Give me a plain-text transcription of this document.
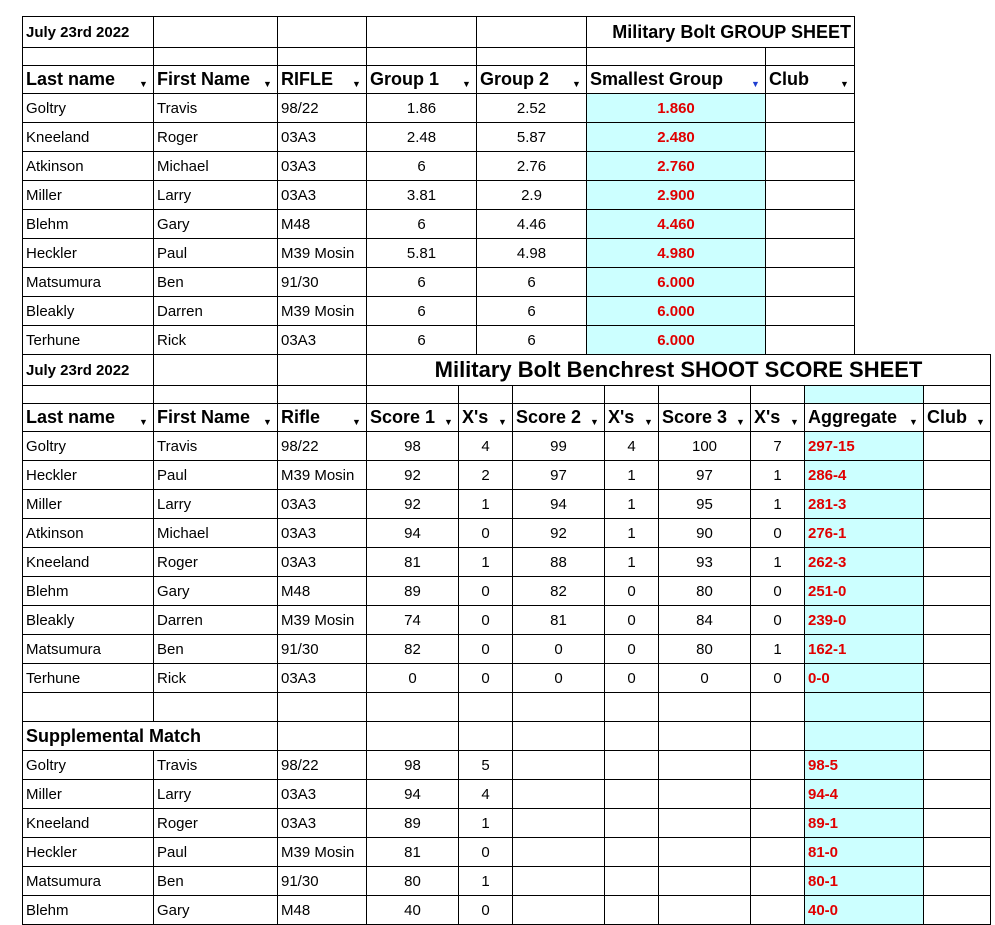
July 23rd 2022					Military Bolt GROUP SHEET	

Last name ▼	First Name ▼	RIFLE ▼	Group 1 ▼	Group 2 ▼	Smallest Group ▼	Club ▼

Goltry	Travis	98/22	1.86	2.52	1.860	
Kneeland	Roger	03A3	2.48	5.87	2.480	
Atkinson	Michael	03A3	6	2.76	2.760	
Miller	Larry	03A3	3.81	2.9	2.900	
Blehm	Gary	M48	6	4.46	4.460	
Heckler	Paul	M39 Mosin	5.81	4.98	4.980	
Matsumura	Ben	91/30	6	6	6.000	
Bleakly	Darren	M39 Mosin	6	6	6.000	
Terhune	Rick	03A3	6	6	6.000	
July 23rd 2022			Military Bolt Benchrest SHOOT SCORE SHEET							

Last name ▼	First Name ▼	Rifle ▼	Score 1 ▼	X's ▼	Score 2 ▼	X's ▼	Score 3 ▼	X's ▼	Aggregate ▼	Club ▼

Goltry	Travis	98/22	98	4	99	4	100	7	297-15	
Heckler	Paul	M39 Mosin	92	2	97	1	97	1	286-4	
Miller	Larry	03A3	92	1	94	1	95	1	281-3	
Atkinson	Michael	03A3	94	0	92	1	90	0	276-1	
Kneeland	Roger	03A3	81	1	88	1	93	1	262-3	
Blehm	Gary	M48	89	0	82	0	80	0	251-0	
Bleakly	Darren	M39 Mosin	74	0	81	0	84	0	239-0	
Matsumura	Ben	91/30	82	0	0	0	80	1	162-1	
Terhune	Rick	03A3	0	0	0	0	0	0	0-0	

Supplemental Match										
Goltry	Travis	98/22	98	5					98-5	
Miller	Larry	03A3	94	4					94-4	
Kneeland	Roger	03A3	89	1					89-1	
Heckler	Paul	M39 Mosin	81	0					81-0	
Matsumura	Ben	91/30	80	1					80-1	
Blehm	Gary	M48	40	0					40-0	
